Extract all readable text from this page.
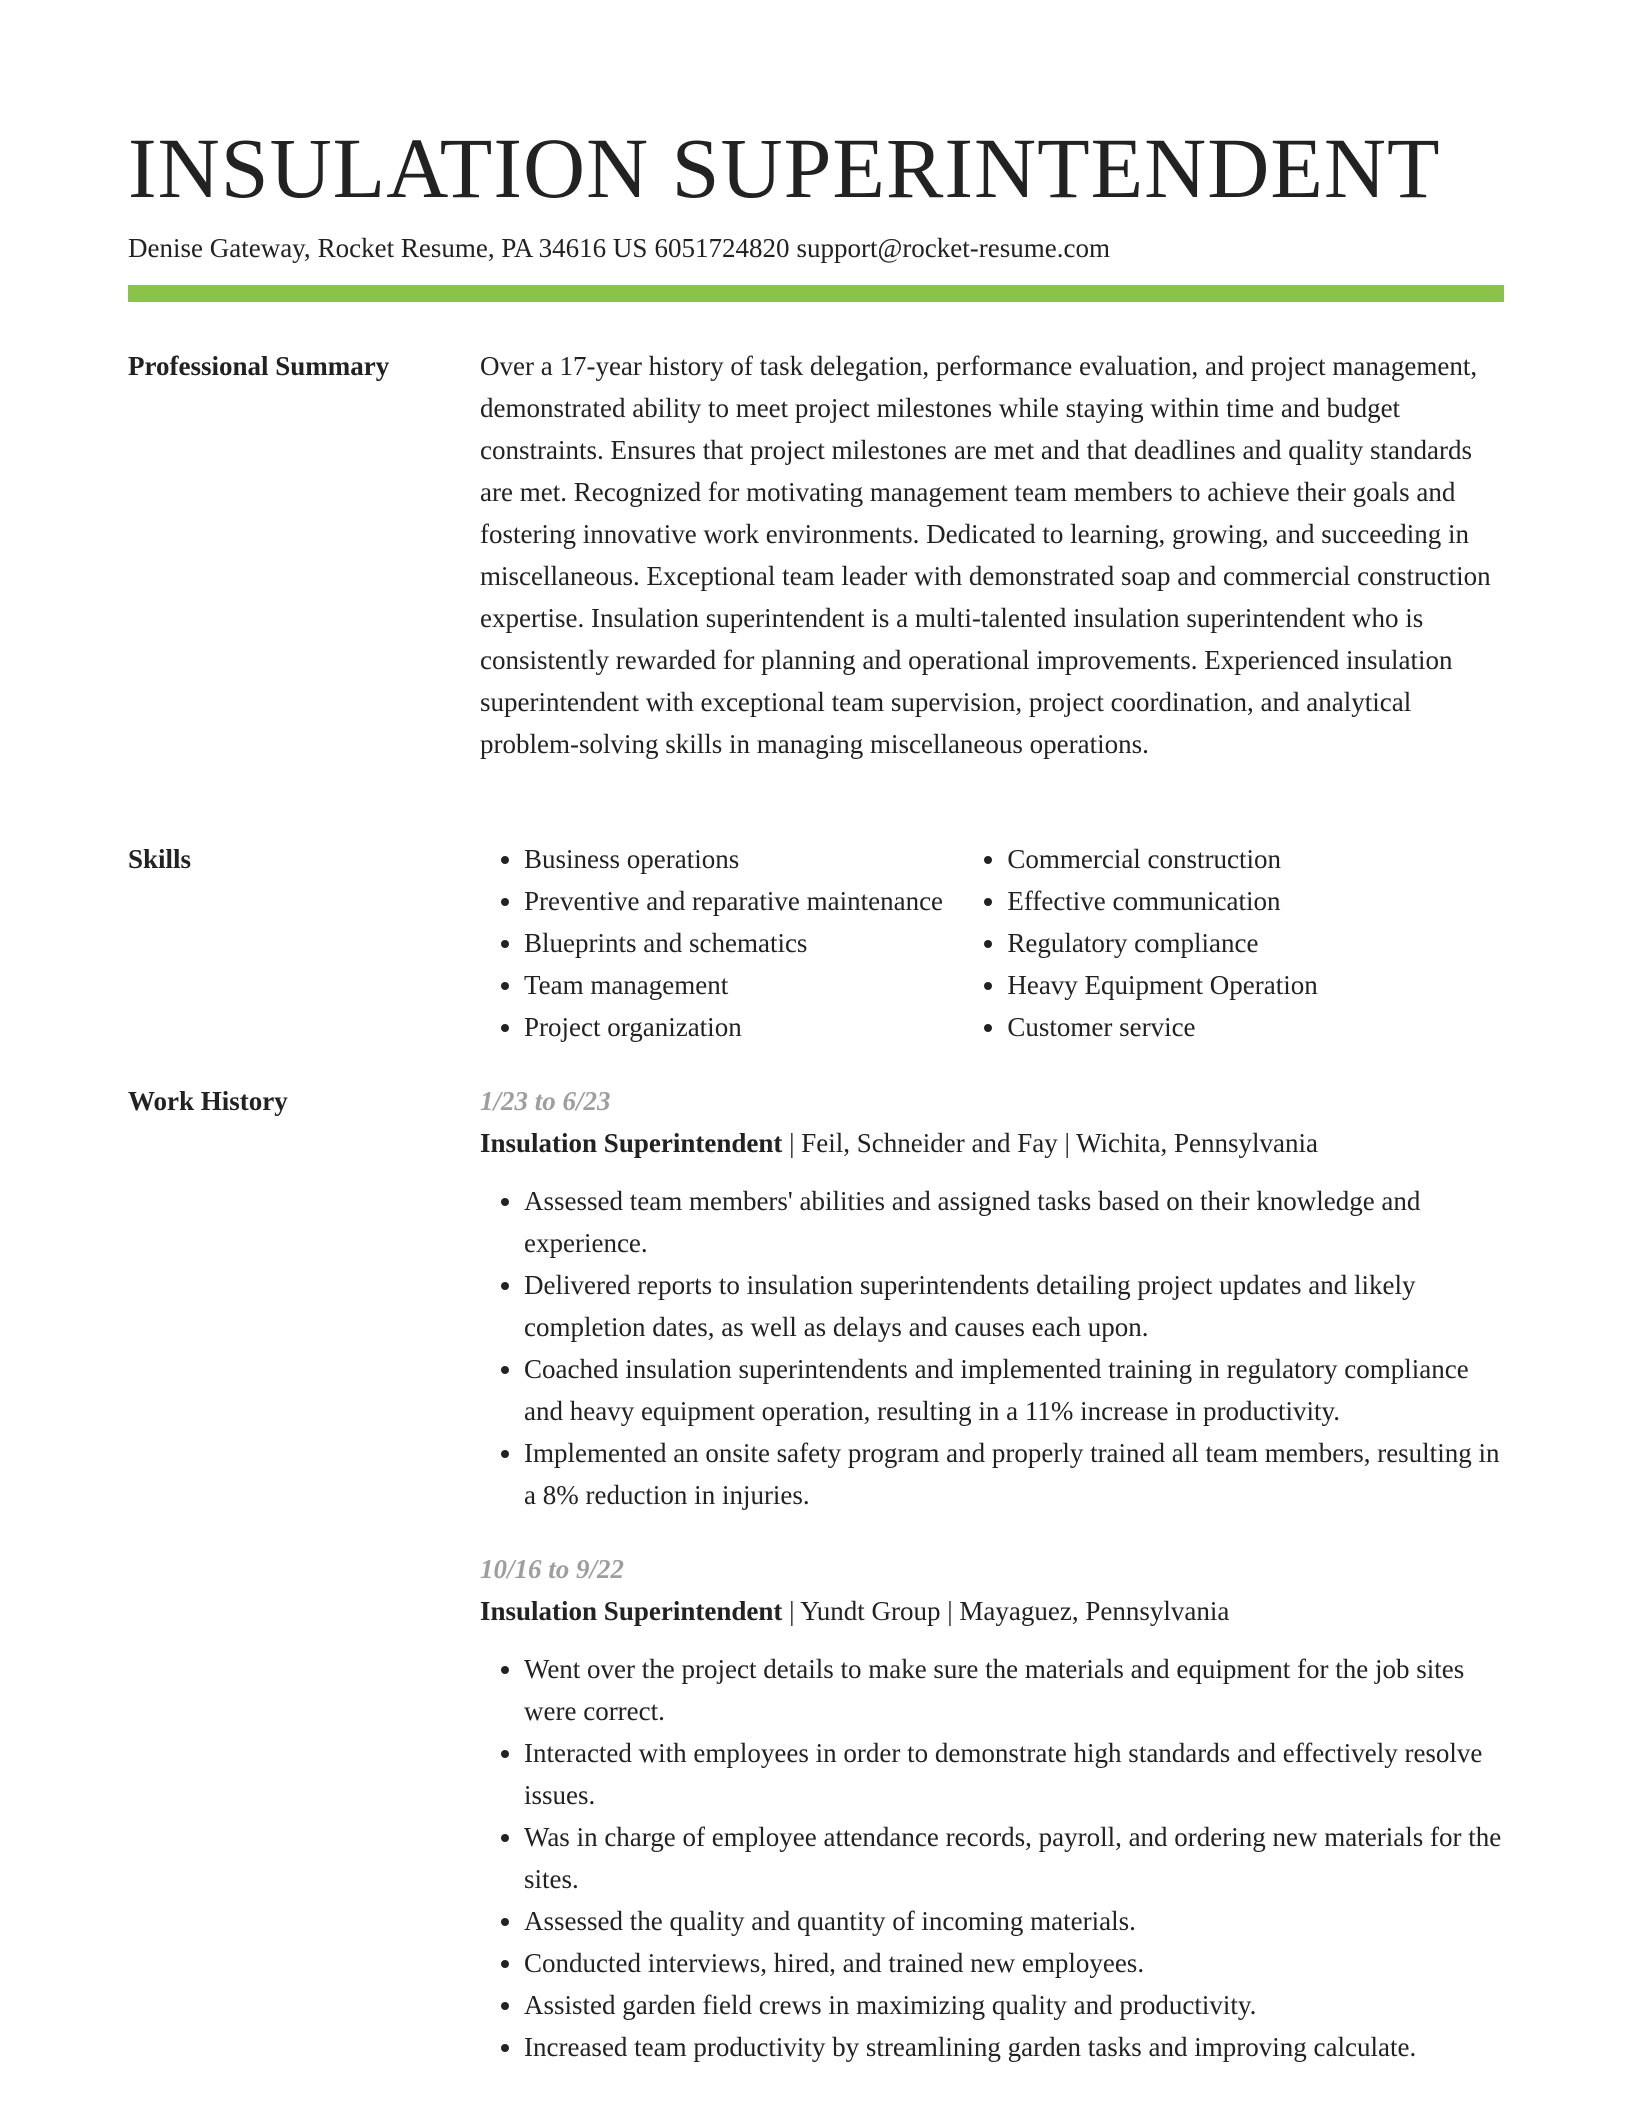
INSULATION SUPERINTENDENT
Denise Gateway, Rocket Resume, PA 34616 US 6051724820 support@rocket-resume.com
Professional Summary	Over a 17-year history of task delegation, performance evaluation, and project management, demonstrated ability to meet project milestones while staying within time and budget constraints. Ensures that project milestones are met and that deadlines and quality standards are met. Recognized for motivating management team members to achieve their goals and fostering innovative work environments. Dedicated to learning, growing, and succeeding in miscellaneous. Exceptional team leader with demonstrated soap and commercial construction expertise. Insulation superintendent is a multi-talented insulation superintendent who is consistently rewarded for planning and operational improvements. Experienced insulation superintendent with exceptional team supervision, project coordination, and analytical problem-solving skills in managing miscellaneous operations.

Skills
•	Business operations
• Preventive and reparative maintenance
• Blueprints and schematics
• Team management
• Project organization
• Commercial construction
• Effective communication
• Regulatory compliance
• Heavy Equipment Operation
• Customer service
Work History	1/23 to 6/23
Insulation Superintendent | Feil, Schneider and Fay | Wichita, Pennsylvania
• Assessed team members' abilities and assigned tasks based on their knowledge and experience.
• Delivered reports to insulation superintendents detailing project updates and likely completion dates, as well as delays and causes each upon.
• Coached insulation superintendents and implemented training in regulatory compliance and heavy equipment operation, resulting in a 11% increase in productivity.
• Implemented an onsite safety program and properly trained all team members, resulting in a 8% reduction in injuries.
10/16 to 9/22
Insulation Superintendent | Yundt Group | Mayaguez, Pennsylvania
• Went over the project details to make sure the materials and equipment for the job sites were correct.
• Interacted with employees in order to demonstrate high standards and effectively resolve issues.
• Was in charge of employee attendance records, payroll, and ordering new materials for the sites.
• Assessed the quality and quantity of incoming materials.
• Conducted interviews, hired, and trained new employees.
• Assisted garden field crews in maximizing quality and productivity.
• Increased team productivity by streamlining garden tasks and improving calculate.
